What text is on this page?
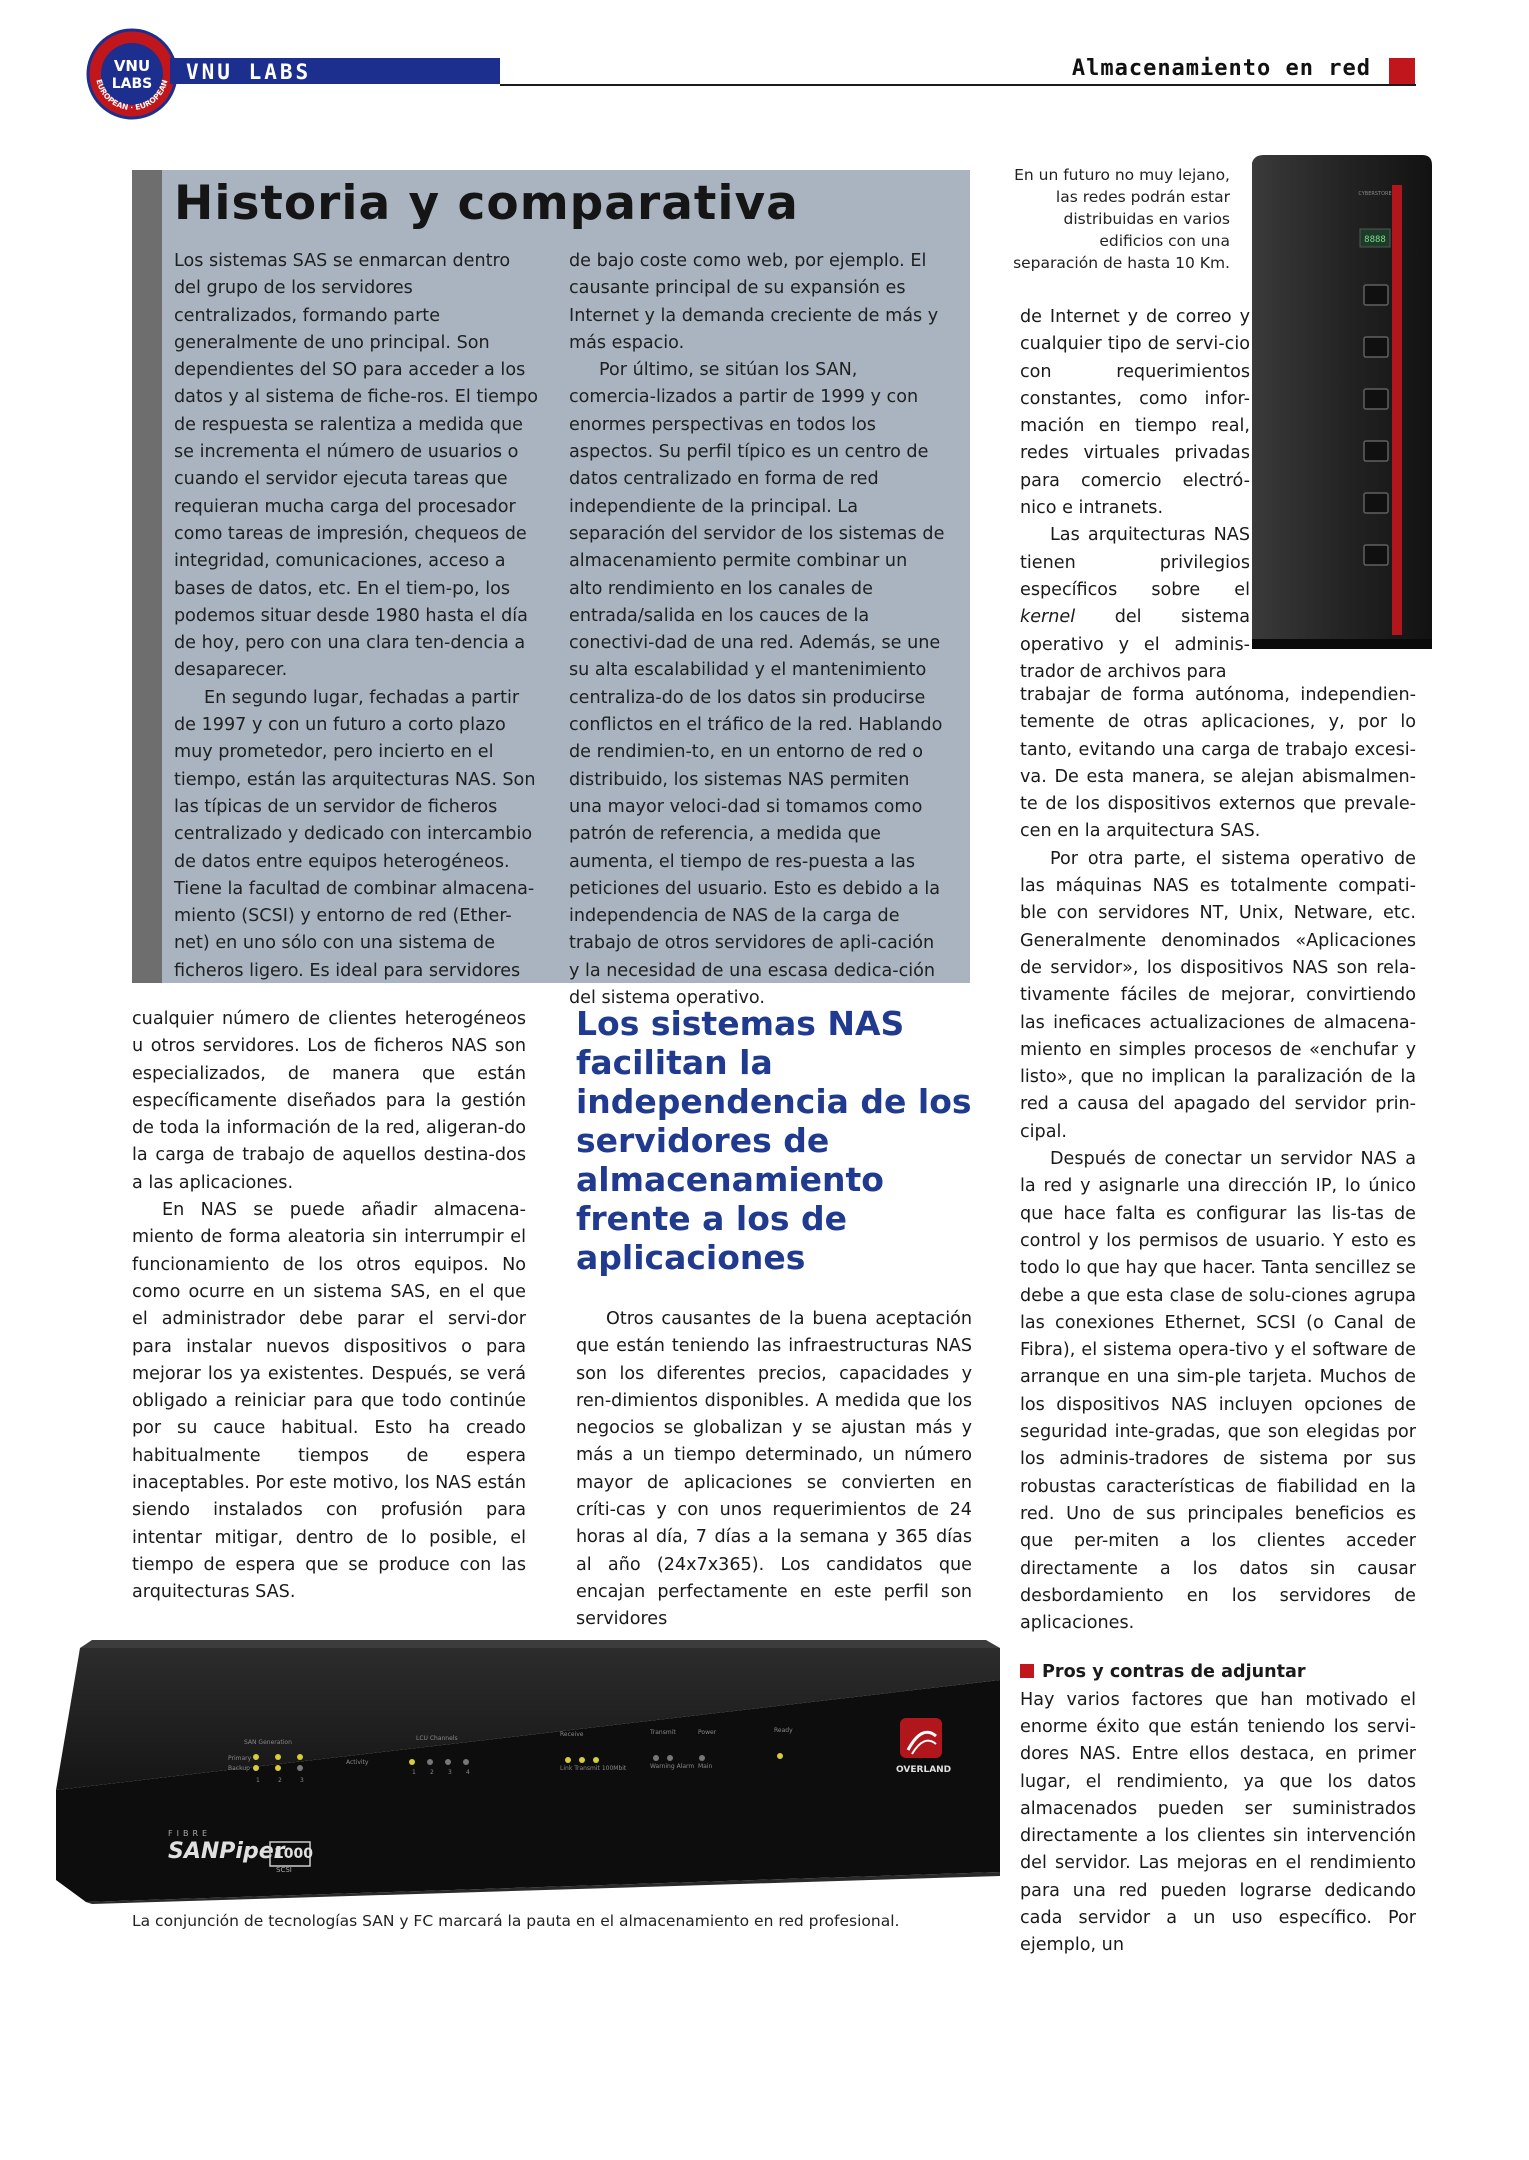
VNU
LABS
EUROPEAN · EUROPEAN VNU LABS	Almacenamiento en red
Historia y comparativa

Los sistemas SAS se enmarcan dentro del grupo de los servidores centralizados, formando parte generalmente de uno principal. Son dependientes del SO para acceder a los datos y al sistema de fiche-ros. El tiempo de respuesta se ralentiza a medida que se incrementa el número de usuarios o cuando el servidor ejecuta tareas que requieran mucha carga del procesador como tareas de impresión, chequeos de integridad, comunicaciones, acceso a bases de datos, etc. En el tiem-po, los podemos situar desde 1980 hasta el día de hoy, pero con una clara ten-dencia a desaparecer.

En segundo lugar, fechadas a partir de 1997 y con un futuro a corto plazo muy prometedor, pero incierto en el tiempo, están las arquitecturas NAS. Son las típicas de un servidor de ficheros centralizado y dedicado con intercambio de datos entre equipos heterogéneos. Tiene la facultad de combinar almacena-miento (SCSI) y entorno de red (Ether-net) en uno sólo con una sistema de ficheros ligero. Es ideal para servidores

de bajo coste como web, por ejemplo. El causante principal de su expansión es Internet y la demanda creciente de más y más espacio.

Por último, se sitúan los SAN, comercia-lizados a partir de 1999 y con enormes perspectivas en todos los aspectos. Su perfil típico es un centro de datos centralizado en forma de red independiente de la principal. La separación del servidor de los sistemas de almacenamiento permite combinar un alto rendimiento en los canales de entrada/salida en los cauces de la conectivi-dad de una red. Además, se une su alta escalabilidad y el mantenimiento centraliza-do de los datos sin producirse conflictos en el tráfico de la red. Hablando de rendimien-to, en un entorno de red o distribuido, los sistemas NAS permiten una mayor veloci-dad si tomamos como patrón de referencia, a medida que aumenta, el tiempo de res-puesta a las peticiones del usuario. Esto es debido a la independencia de NAS de la carga de trabajo de otros servidores de apli-cación y la necesidad de una escasa dedica-ción del sistema operativo.

8888
CYBERSTORE
En un futuro no muy lejano, las redes podrán estar distribuidas en varios edificios con una separación de hasta 10 Km.

de Internet y de correo y cualquier tipo de servi-cio con requerimientos constantes, como infor-mación en tiempo real, redes virtuales privadas para comercio electró-nico e intranets.

Las arquitecturas NAS tienen privilegios específicos sobre el kernel del sistema operativo y el adminis-trador de archivos para

trabajar de forma autónoma, independien-temente de otras aplicaciones, y, por lo tanto, evitando una carga de trabajo excesi-va. De esta manera, se alejan abismalmen-te de los dispositivos externos que prevale-cen en la arquitectura SAS.

Por otra parte, el sistema operativo de las máquinas NAS es totalmente compati-ble con servidores NT, Unix, Netware, etc. Generalmente denominados «Aplicaciones de servidor», los dispositivos NAS son rela-tivamente fáciles de mejorar, convirtiendo las ineficaces actualizaciones de almacena-miento en simples procesos de «enchufar y listo», que no implican la paralización de la red a causa del apagado del servidor prin-cipal.

Después de conectar un servidor NAS a la red y asignarle una dirección IP, lo único que hace falta es configurar las lis-tas de control y los permisos de usuario. Y esto es todo lo que hay que hacer. Tanta sencillez se debe a que esta clase de solu-ciones agrupa las conexiones Ethernet, SCSI (o Canal de Fibra), el sistema opera-tivo y el software de arranque en una sim-ple tarjeta. Muchos de los dispositivos NAS incluyen opciones de seguridad inte-gradas, que son elegidas por los adminis-tradores de sistema por sus robustas características de fiabilidad en la red. Uno de sus principales beneficios es que per-miten a los clientes acceder directamente a los datos sin causar desbordamiento en los servidores de aplicaciones.

Pros y contras de adjuntar

Hay varios factores que han motivado el enorme éxito que están teniendo los servi-dores NAS. Entre ellos destaca, en primer lugar, el rendimiento, ya que los datos almacenados pueden ser suministrados directamente a los clientes sin intervención del servidor. Las mejoras en el rendimiento para una red pueden lograrse dedicando cada servidor a un uso específico. Por ejemplo, un

cualquier número de clientes heterogéneos u otros servidores. Los de ficheros NAS son especializados, de manera que están específicamente diseñados para la gestión de toda la información de la red, aligeran-do la carga de trabajo de aquellos destina-dos a las aplicaciones.

En NAS se puede añadir almacena-miento de forma aleatoria sin interrumpir el funcionamiento de los otros equipos. No como ocurre en un sistema SAS, en el que el administrador debe parar el servi-dor para instalar nuevos dispositivos o para mejorar los ya existentes. Después, se verá obligado a reiniciar para que todo continúe por su cauce habitual. Esto ha creado habitualmente tiempos de espera inaceptables. Por este motivo, los NAS están siendo instalados con profusión para intentar mitigar, dentro de lo posible, el tiempo de espera que se produce con las arquitecturas SAS.

Los sistemas NAS facilitan la independencia de los servidores de almacenamiento frente a los de aplicaciones

Otros causantes de la buena aceptación que están teniendo las infraestructuras NAS son los diferentes precios, capacidades y ren-dimientos disponibles. A medida que los negocios se globalizan y se ajustan más y más a un tiempo determinado, un número mayor de aplicaciones se convierten en críti-cas y con unos requerimientos de 24 horas al día, 7 días a la semana y 365 días al año (24x7x365). Los candidatos que encajan perfectamente en este perfil son servidores

SAN Generation
LCU Channels
Receive	Transmit	Power	Ready
Primary
Backup
Activity
Link Transmit 100Mbit	Warning Alarm Main
1	2	3
1 2 3 4
FIBRE
SANPiper
1000
SCSI
OVERLAND
La conjunción de tecnologías SAN y FC marcará la pauta en el almacenamiento en red profesional.
